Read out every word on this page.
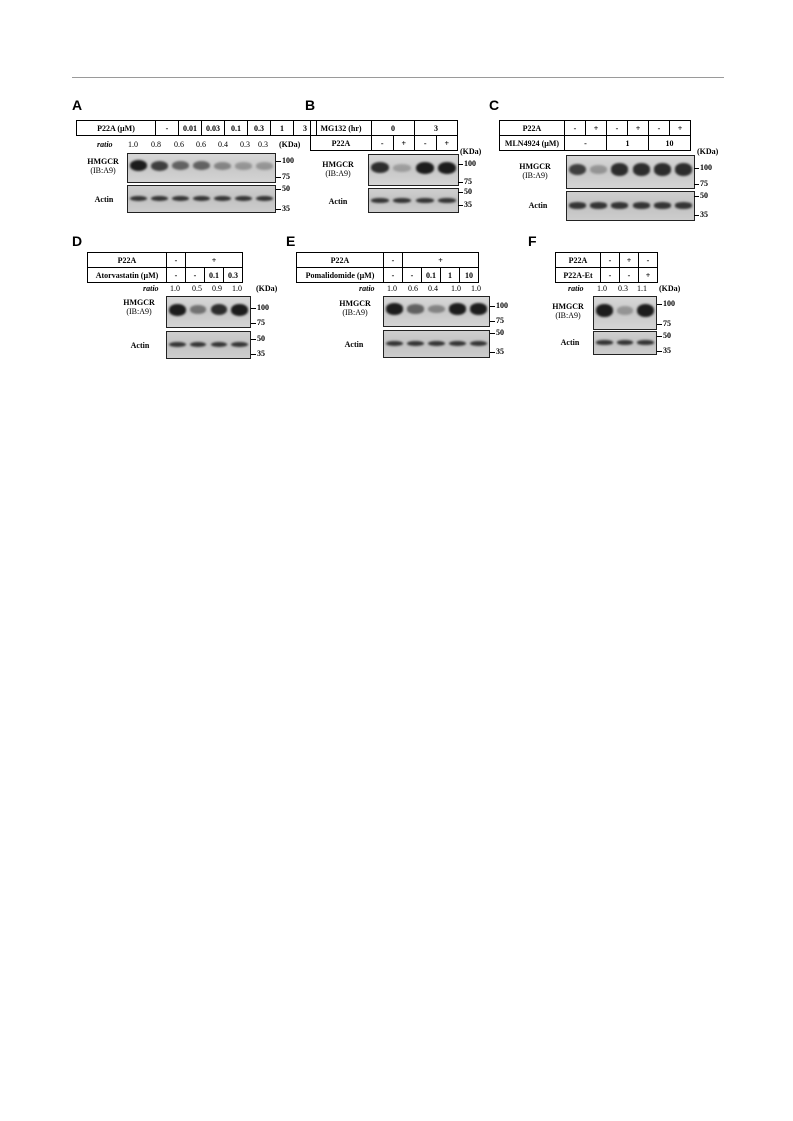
A
P22A (µM)	-	0.01	0.03	0.1	0.3	1	3
ratio 1.0 0.8 0.6 0.6 0.4 0.3 0.3 (KDa)
HMGCR
(IB:A9)
100
75
Actin
50
35
B
MG132 (hr)	0		3	
P22A	-	+	-	+
(KDa)
HMGCR
(IB:A9)
100
75
Actin
50
35
C
P22A	-	+	-	+	-	+
MLN4924 (µM)	-		1		10	
(KDa)
HMGCR
(IB:A9)
100
75
Actin
50
35
D
P22A	-	+		
Atorvastatin (µM)	-	-	0.1	0.3
ratio 1.0 0.5 0.9 1.0 (KDa)
HMGCR
(IB:A9)	100
75
Actin
50
35
E
P22A	-	+			
Pomalidomide (µM)	-	-	0.1	1	10
ratio 1.0 0.6 0.4 1.0 1.0
HMGCR
(IB:A9)
100
75
Actin
50
35
F
P22A	-	+	-
P22A-Et	-	-	+
ratio 1.0 0.3 1.1 (KDa)
HMGCR
(IB:A9)
100
75
Actin
50
35
